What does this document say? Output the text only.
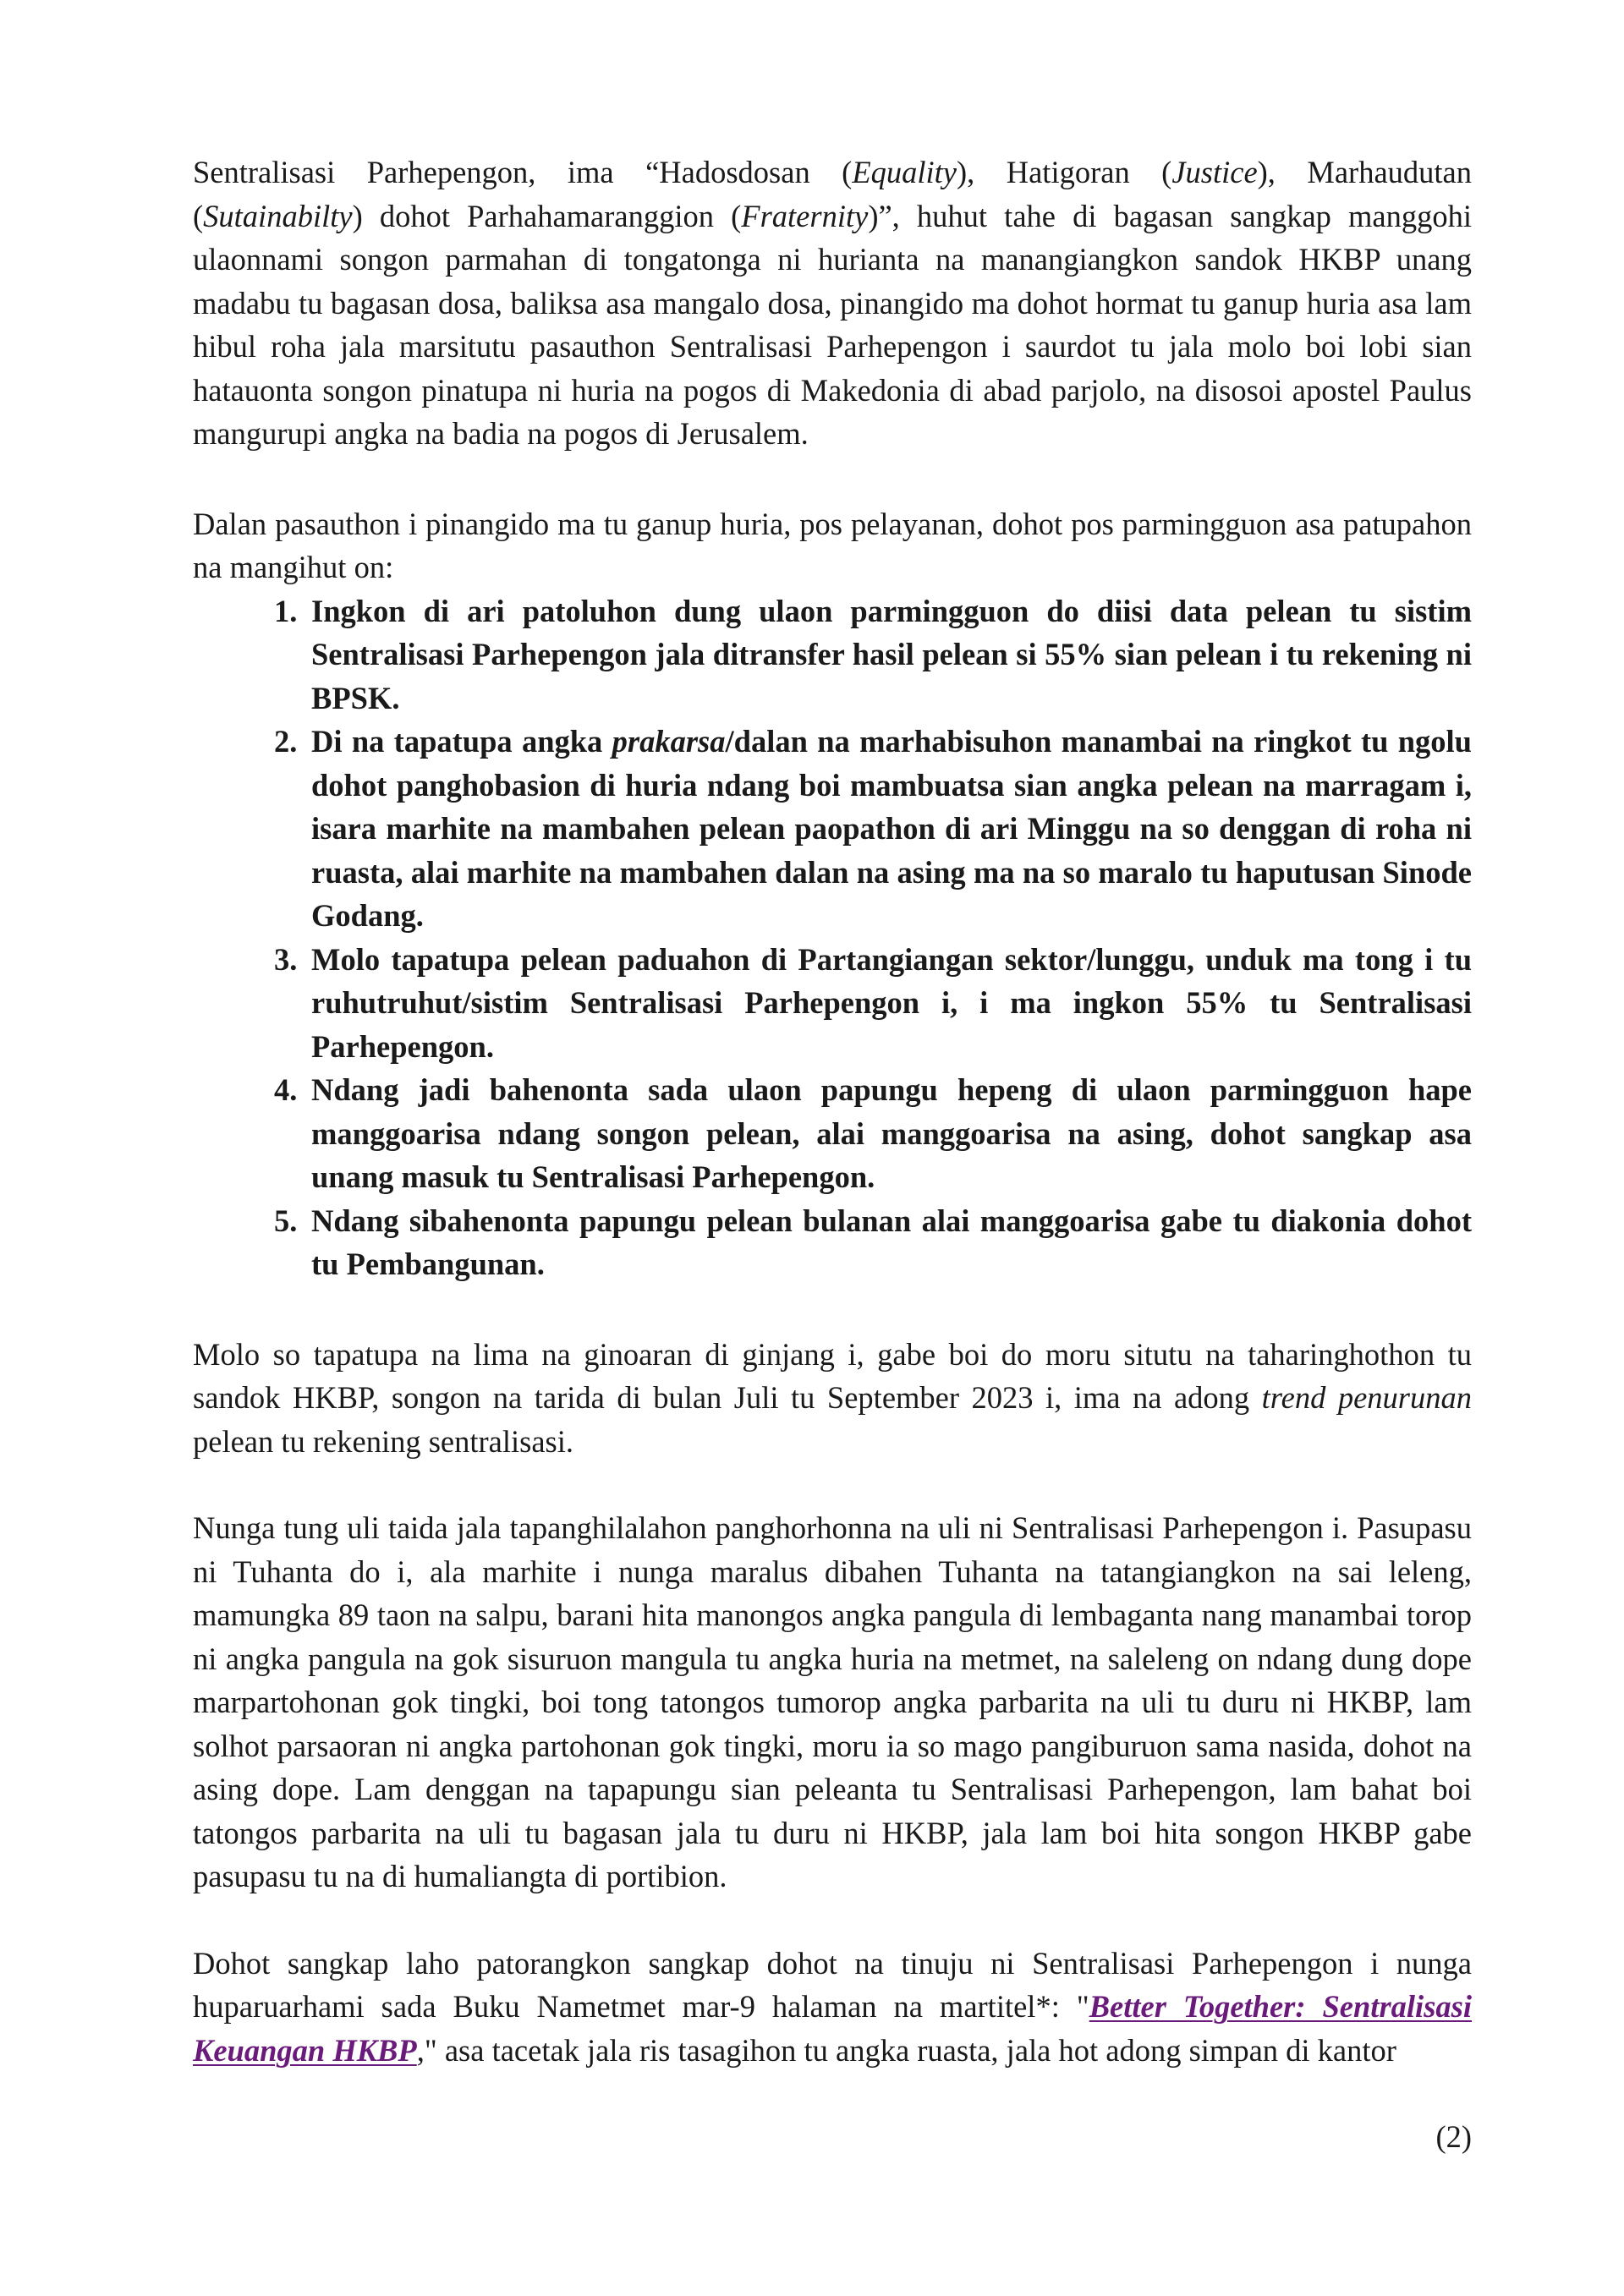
Sentralisasi Parhepengon, ima “Hadosdosan (Equality), Hatigoran (Justice), Marhaudutan (Sutainabilty) dohot Parhahamaranggion (Fraternity)”, huhut tahe di bagasan sangkap manggohi ulaonnami songon parmahan di tongatonga ni hurianta na manangiangkon sandok HKBP unang madabu tu bagasan dosa, baliksa asa mangalo dosa, pinangido ma dohot hormat tu ganup huria asa lam hibul roha jala marsitutu pasauthon Sentralisasi Parhepengon i saurdot tu jala molo boi lobi sian hatauonta songon pinatupa ni huria na pogos di Makedonia di abad parjolo, na disosoi apostel Paulus mangurupi angka na badia na pogos di Jerusalem.

Dalan pasauthon i pinangido ma tu ganup huria, pos pelayanan, dohot pos parmingguon asa patupahon na mangihut on:

1. Ingkon di ari patoluhon dung ulaon parmingguon do diisi data pelean tu sistim Sentralisasi Parhepengon jala ditransfer hasil pelean si 55% sian pelean i tu rekening ni BPSK.
2. Di na tapatupa angka prakarsa/dalan na marhabisuhon manambai na ringkot tu ngolu dohot panghobasion di huria ndang boi mambuatsa sian angka pelean na marragam i, isara marhite na mambahen pelean paopathon di ari Minggu na so denggan di roha ni ruasta, alai marhite na mambahen dalan na asing ma na so maralo tu haputusan Sinode Godang.
3. Molo tapatupa pelean paduahon di Partangiangan sektor/lunggu, unduk ma tong i tu ruhutruhut/sistim Sentralisasi Parhepengon i, i ma ingkon 55% tu Sentralisasi Parhepengon.
4. Ndang jadi bahenonta sada ulaon papungu hepeng di ulaon parmingguon hape manggoarisa ndang songon pelean, alai manggoarisa na asing, dohot sangkap asa unang masuk tu Sentralisasi Parhepengon.
5. Ndang sibahenonta papungu pelean bulanan alai manggoarisa gabe tu diakonia dohot tu Pembangunan.

Molo so tapatupa na lima na ginoaran di ginjang i, gabe boi do moru situtu na taharinghothon tu sandok HKBP, songon na tarida di bulan Juli tu September 2023 i, ima na adong trend penurunan pelean tu rekening sentralisasi.

Nunga tung uli taida jala tapanghilalahon panghorhonna na uli ni Sentralisasi Parhepengon i. Pasupasu ni Tuhanta do i, ala marhite i nunga maralus dibahen Tuhanta na tatangiangkon na sai leleng, mamungka 89 taon na salpu, barani hita manongos angka pangula di lembaganta nang manambai torop ni angka pangula na gok sisuruon mangula tu angka huria na metmet, na saleleng on ndang dung dope marpartohonan gok tingki, boi tong tatongos tumorop angka parbarita na uli tu duru ni HKBP, lam solhot parsaoran ni angka partohonan gok tingki, moru ia so mago pangiburuon sama nasida, dohot na asing dope. Lam denggan na tapapungu sian peleanta tu Sentralisasi Parhepengon, lam bahat boi tatongos parbarita na uli tu bagasan jala tu duru ni HKBP, jala lam boi hita songon HKBP gabe pasupasu tu na di humaliangta di portibion.

Dohot sangkap laho patorangkon sangkap dohot na tinuju ni Sentralisasi Parhepengon i nunga huparuarhami sada Buku Nametmet mar-9 halaman na martitel*: "Better Together: Sentralisasi Keuangan HKBP," asa tacetak jala ris tasagihon tu angka ruasta, jala hot adong simpan di kantor

(2)
